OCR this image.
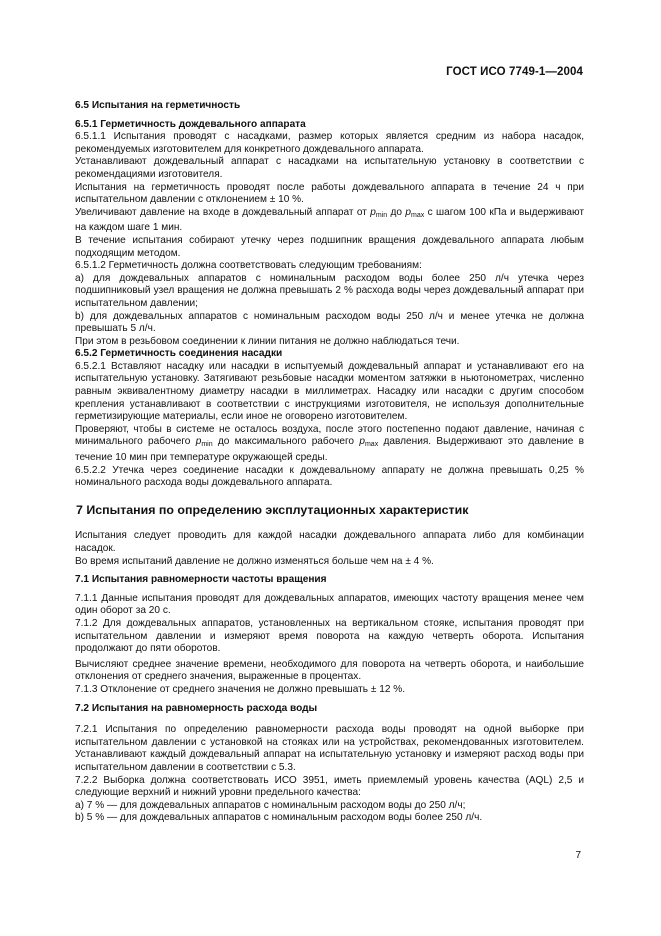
ГОСТ ИСО 7749-1—2004

6.5 Испытания на герметичность

6.5.1 Герметичность дождевального аппарата

6.5.1.1 Испытания проводят с насадками, размер которых является средним из набора насадок, рекомендуемых изготовителем для конкретного дождевального аппарата.

Устанавливают дождевальный аппарат с насадками на испытательную установку в соответствии с рекомендациями изготовителя.

Испытания на герметичность проводят после работы дождевального аппарата в течение 24 ч при испытательном давлении с отклонением ± 10 %.

Увеличивают давление на входе в дождевальный аппарат от $p_{min}$ до $p_{max}$ с шагом 100 кПа и выдерживают на каждом шаге 1 мин.

В течение испытания собирают утечку через подшипник вращения дождевального аппарата любым подходящим методом.

6.5.1.2 Герметичность должна соответствовать следующим требованиям:

а) для дождевальных аппаратов с номинальным расходом воды более 250 л/ч утечка через подшипниковый узел вращения не должна превышать 2 % расхода воды через дождевальный аппарат при испытательном давлении;

b) для дождевальных аппаратов с номинальным расходом воды 250 л/ч и менее утечка не должна превышать 5 л/ч.

При этом в резьбовом соединении к линии питания не должно наблюдаться течи.

6.5.2 Герметичность соединения насадки

6.5.2.1 Вставляют насадку или насадки в испытуемый дождевальный аппарат и устанавливают его на испытательную установку. Затягивают резьбовые насадки моментом затяжки в ньютонометрах, численно равным эквивалентному диаметру насадки в миллиметрах. Насадку или насадки с другим способом крепления устанавливают в соответствии с инструкциями изготовителя, не используя дополнительные герметизирующие материалы, если иное не оговорено изготовителем.

Проверяют, чтобы в системе не осталось воздуха, после этого постепенно подают давление, начиная с минимального рабочего $p_{min}$ до максимального рабочего $p_{max}$ давления. Выдерживают это давление в течение 10 мин при температуре окружающей среды.

6.5.2.2 Утечка через соединение насадки к дождевальному аппарату не должна превышать 0,25 % номинального расхода воды дождевального аппарата.

7 Испытания по определению эксплутационных характеристик

Испытания следует проводить для каждой насадки дождевального аппарата либо для комбинации насадок.

Во время испытаний давление не должно изменяться больше чем на ± 4 %.

7.1 Испытания равномерности частоты вращения

7.1.1 Данные испытания проводят для дождевальных аппаратов, имеющих частоту вращения менее чем один оборот за 20 с.

7.1.2 Для дождевальных аппаратов, установленных на вертикальном стояке, испытания проводят при испытательном давлении и измеряют время поворота на каждую четверть оборота. Испытания продолжают до пяти оборотов.

Вычисляют среднее значение времени, необходимого для поворота на четверть оборота, и наибольшие отклонения от среднего значения, выраженные в процентах.

7.1.3 Отклонение от среднего значения не должно превышать ± 12 %.

7.2 Испытания на равномерность расхода воды

7.2.1 Испытания по определению равномерности расхода воды проводят на одной выборке при испытательном давлении с установкой на стояках или на устройствах, рекомендованных изготовителем. Устанавливают каждый дождевальный аппарат на испытательную установку и измеряют расход воды при испытательном давлении в соответствии с 5.3.

7.2.2 Выборка должна соответствовать ИСО 3951, иметь приемлемый уровень качества (AQL) 2,5 и следующие верхний и нижний уровни предельного качества:

а) 7 % — для дождевальных аппаратов с номинальным расходом воды до 250 л/ч;

b) 5 % — для дождевальных аппаратов с номинальным расходом воды более 250 л/ч.

7
